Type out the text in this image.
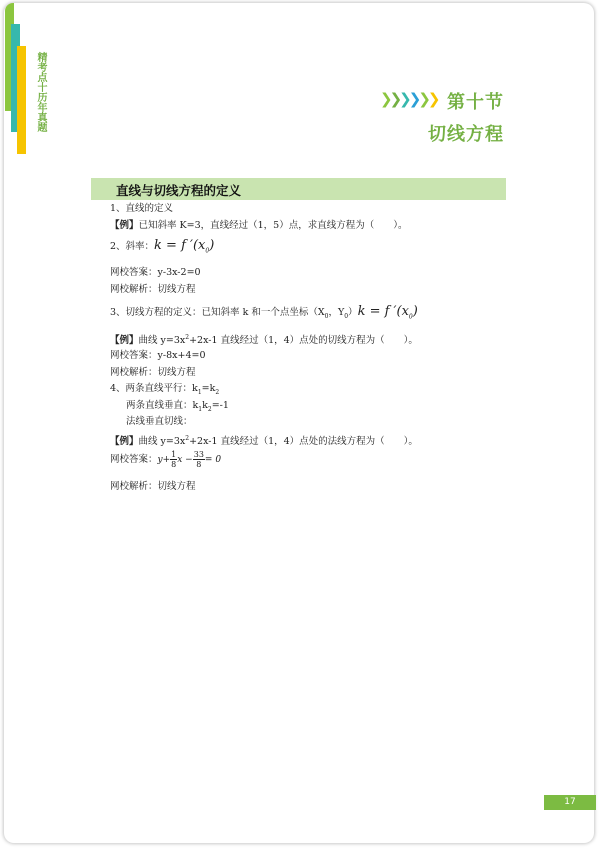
精考点十历年真题	❯
❯
❯
❯
❯
❯ 第十节
切线方程
直线与切线方程的定义
1、直线的定义
【例】已知斜率 K=3，直线经过（1，5）点，求直线方程为（　　）。
2、斜率：k = f $'(x_0)$
网校答案：y-3x-2=0
网校解析：切线方程
3、切线方程的定义：已知斜率 k 和一个点坐标（$X_0$，$Y_0)k = f$ $'(x_0)$
【例】曲线 $y=3x^2+2x-1$ 直线经过（1，4）点处的切线方程为（　　）。
网校答案：y-8x+4=0
网校解析：切线方程
4、两条直线平行：$k_1=k_2$
两条直线垂直：$k_1k_2=-1$
法线垂直切线：
【例】曲线 $y=3x^2+2x-1$ 直线经过（1，4）点处的法线方程为（　　）。
网校答案：$y+ \frac{1}{8}$ $x - \frac{33}{8} = 0$
网校解析：切线方程
17
